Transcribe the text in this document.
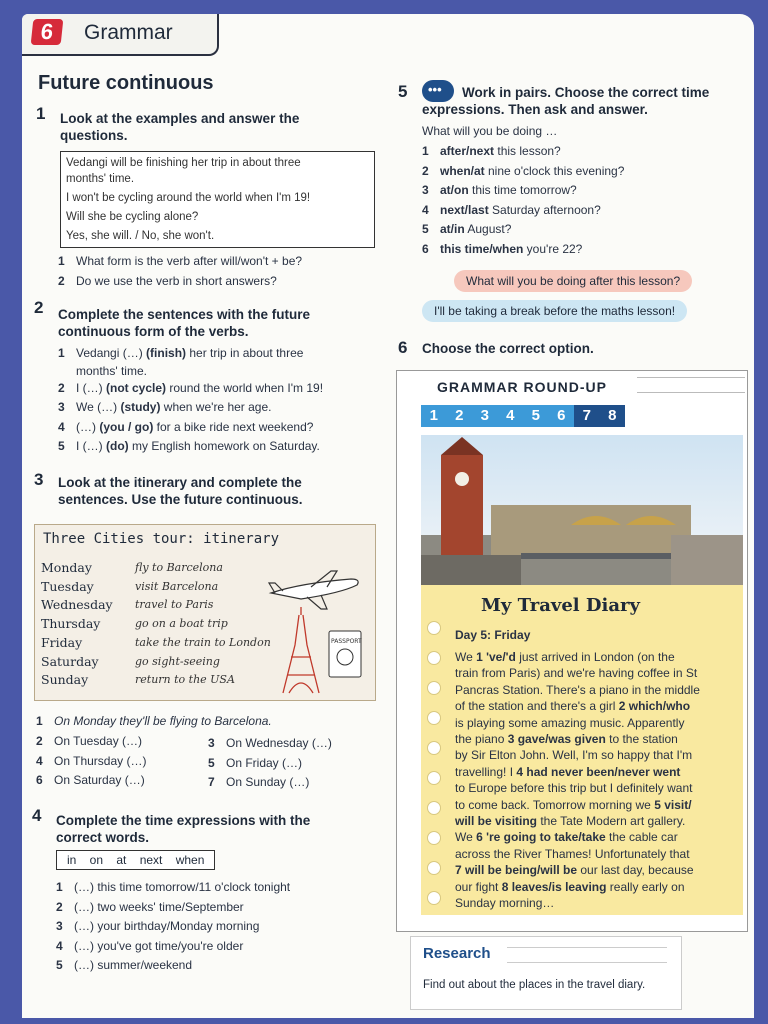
6	Grammar
Future continuous
1 Look at the examples and answer the
questions.
Vedangi will be finishing her trip in about three
months' time.
I won't be cycling around the world when I'm 19!
Will she be cycling alone?
Yes, she will. / No, she won't.
1 What form is the verb after will/won't + be?
2 Do we use the verb in short answers?
2 Complete the sentences with the future
continuous form of the verbs.
1 Vedangi (…) (finish) her trip in about three
months' time.
2 I (…) (not cycle) round the world when I'm 19!
3 We (…) (study) when we're her age.
4 (…) (you / go) for a bike ride next weekend?
5 I (…) (do) my English homework on Saturday.
3 Look at the itinerary and complete the
sentences. Use the future continuous.
Three Cities tour: itinerary
Monday
Tuesday
Wednesday
Thursday
Friday
Saturday
Sunday
fly to Barcelona
visit Barcelona
travel to Paris
go on a boat trip
take the train to London
go sight-seeing
return to the USA
PASSPORT
1 On Monday they'll be flying to Barcelona.
2 On Tuesday (…)
4 On Thursday (…)
6 On Saturday (…)
3 On Wednesday (…)
5 On Friday (…)
7 On Sunday (…)
4 Complete the time expressions with the
correct words.
in    on    at    next    when
1 (…) this time tomorrow/11 o'clock tonight
2 (…) two weeks' time/September
3 (…) your birthday/Monday morning
4 (…) you've got time/you're older
5 (…) summer/weekend
5 •••	Work in pairs. Choose the correct time
expressions. Then ask and answer.
What will you be doing …
1 after/next this lesson?
2 when/at nine o'clock this evening?
3 at/on this time tomorrow?
4 next/last Saturday afternoon?
5 at/in August?
6 this time/when you're 22?
What will you be doing after this lesson?
I'll be taking a break before the maths lesson!
6 Choose the correct option.
GRAMMAR ROUND-UP
1 2 3 4 5 6 7 8
My Travel Diary
Day 5: Friday
We 1 've/'d just arrived in London (on the
train from Paris) and we're having coffee in St
Pancras Station. There's a piano in the middle
of the station and there's a girl 2 which/who
is playing some amazing music. Apparently
the piano 3 gave/was given to the station
by Sir Elton John. Well, I'm so happy that I'm
travelling! I 4 had never been/never went
to Europe before this trip but I definitely want
to come back. Tomorrow morning we 5 visit/
will be visiting the Tate Modern art gallery.
We 6 're going to take/take the cable car
across the River Thames! Unfortunately that
7 will be being/will be our last day, because
our fight 8 leaves/is leaving really early on
Sunday morning…
Research
Find out about the places in the travel diary.
